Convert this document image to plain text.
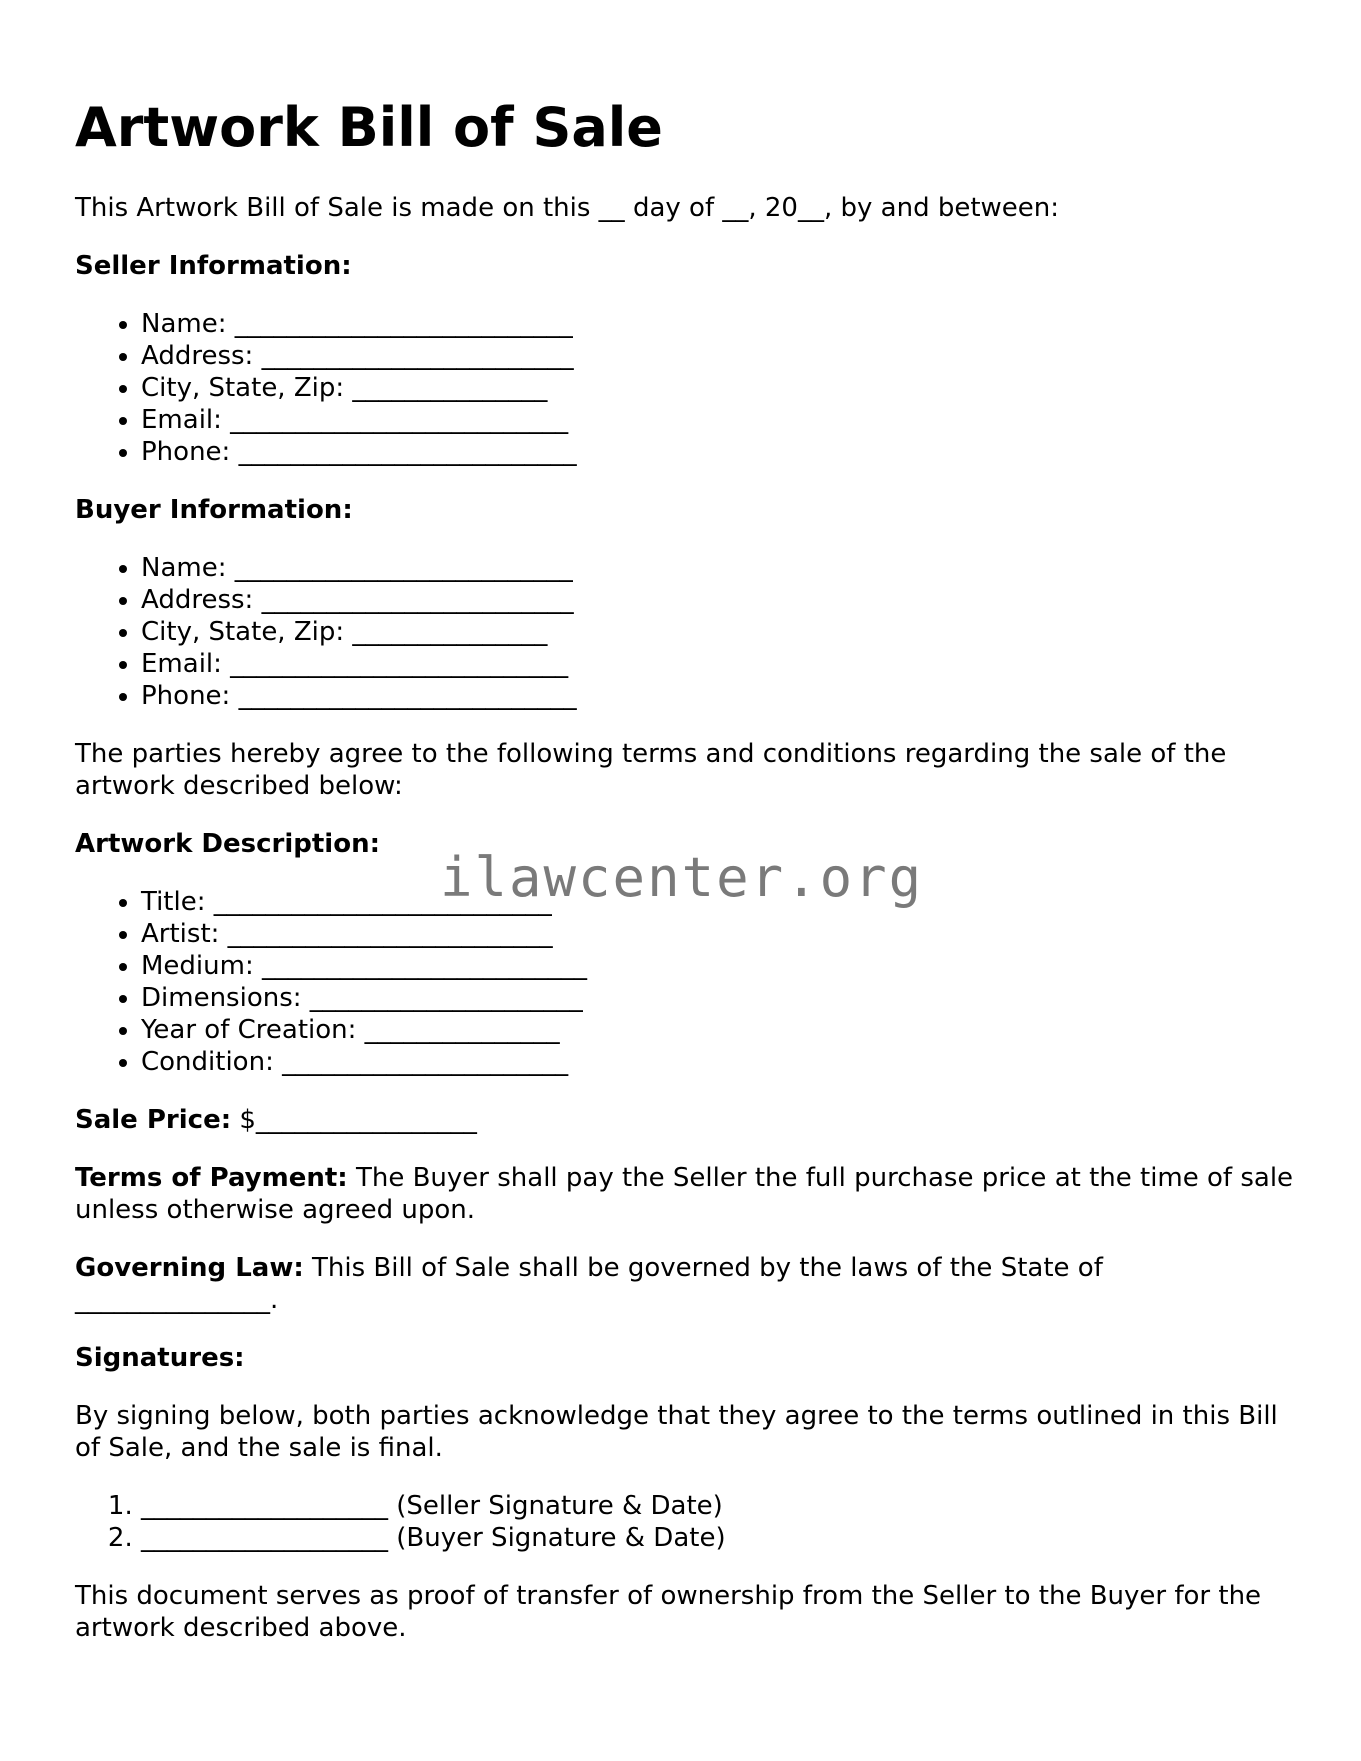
Artwork Bill of Sale

This Artwork Bill of Sale is made on this __ day of __, 20__, by and between:

Seller Information:

• Name: __________________________
• Address: ________________________
• City, State, Zip: _______________
• Email: __________________________
• Phone: __________________________

Buyer Information:

• Name: __________________________
• Address: ________________________
• City, State, Zip: _______________
• Email: __________________________
• Phone: __________________________

The parties hereby agree to the following terms and conditions regarding the sale of the artwork described below:

Artwork Description:

• Title: __________________________
• Artist: _________________________
• Medium: _________________________
• Dimensions: _____________________
• Year of Creation: _______________
• Condition: ______________________

Sale Price: $_________________

Terms of Payment: The Buyer shall pay the Seller the full purchase price at the time of sale unless otherwise agreed upon.

Governing Law: This Bill of Sale shall be governed by the laws of the State of _______________.

Signatures:

By signing below, both parties acknowledge that they agree to the terms outlined in this Bill of Sale, and the sale is final.

1. ___________________ (Seller Signature & Date)
2. ___________________ (Buyer Signature & Date)

This document serves as proof of transfer of ownership from the Seller to the Buyer for the artwork described above.

ilawcenter.org
